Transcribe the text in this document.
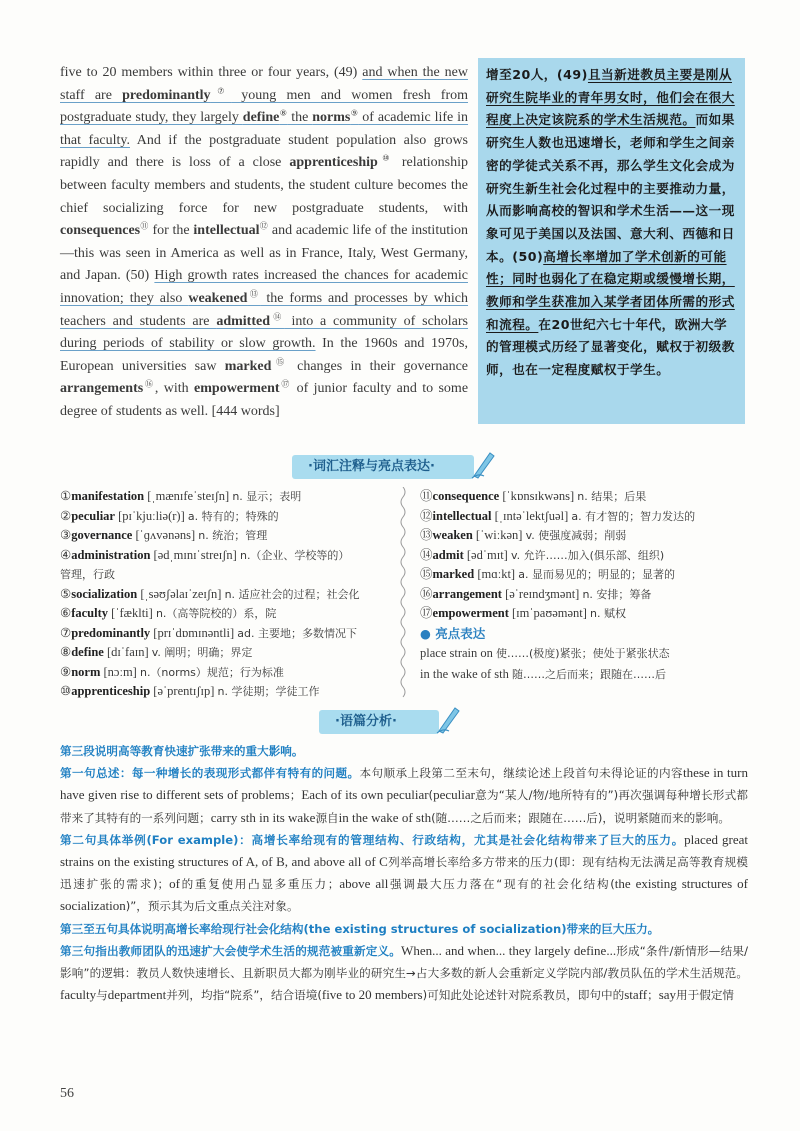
five to 20 members within three or four years, (49) and when the new staff are predominantly⑦ young men and women fresh from postgraduate study, they largely define⑧ the norms⑨ of academic life in that faculty. And if the postgraduate student population also grows rapidly and there is loss of a close apprenticeship⑩ relationship between faculty members and students, the student culture becomes the chief socializing force for new postgraduate students, with consequences⑪ for the intellectual⑫ and academic life of the institution—this was seen in America as well as in France, Italy, West Germany, and Japan. (50) High growth rates increased the chances for academic innovation; they also weakened⑬ the forms and processes by which teachers and students are admitted⑭ into a community of scholars during periods of stability or slow growth. In the 1960s and 1970s, European universities saw marked⑮ changes in their governance arrangements⑯, with empowerment⑰ of junior faculty and to some degree of students as well. [444 words]

增至20人，(49)且当新进教员主要是刚从研究生院毕业的青年男女时，他们会在很大程度上决定该院系的学术生活规范。而如果研究生人数也迅速增长，老师和学生之间亲密的学徒式关系不再，那么学生文化会成为研究生新生社会化过程中的主要推动力量，从而影响高校的智识和学术生活——这一现象可见于美国以及法国、意大利、西德和日本。(50)高增长率增加了学术创新的可能性；同时也弱化了在稳定期或缓慢增长期，教师和学生获准加入某学者团体所需的形式和流程。在20世纪六七十年代，欧洲大学的管理模式历经了显著变化，赋权于初级教师，也在一定程度赋权于学生。
·词汇注释与亮点表达·
①manifestation [ˌmænɪfeˈsteɪʃn] n. 显示；表明
②peculiar [pɪˈkjuːliə(r)] a. 特有的；特殊的
③governance [ˈɡʌvənəns] n. 统治；管理
④administration [ədˌmɪnɪˈstreɪʃn] n.（企业、学校等的）
管理，行政
⑤socialization [ˌsəʊʃəlaɪˈzeɪʃn] n. 适应社会的过程；社会化
⑥faculty [ˈfæklti] n.（高等院校的）系，院
⑦predominantly [prɪˈdɒmɪnəntli] ad. 主要地；多数情况下
⑧define [dɪˈfaɪn] v. 阐明；明确；界定
⑨norm [nɔːm] n.（norms）规范；行为标准
⑩apprenticeship [əˈprentɪʃɪp] n. 学徒期；学徒工作
⑪consequence [ˈkɒnsɪkwəns] n. 结果；后果
⑫intellectual [ˌɪntəˈlektʃuəl] a. 有才智的；智力发达的
⑬weaken [ˈwiːkən] v. 使强度减弱；削弱
⑭admit [ədˈmɪt] v. 允许……加入(俱乐部、组织)
⑮marked [mɑːkt] a. 显而易见的；明显的；显著的
⑯arrangement [əˈreɪndʒmənt] n. 安排；筹备
⑰empowerment [ɪmˈpaʊəmənt] n. 赋权
● 亮点表达
place strain on 使……(极度)紧张；使处于紧张状态
in the wake of sth 随……之后而来；跟随在……后
·语篇分析·

第三段说明高等教育快速扩张带来的重大影响。

第一句总述：每一种增长的表现形式都伴有特有的问题。本句顺承上段第二至末句，继续论述上段首句未得论证的内容these in turn have given rise to different sets of problems；Each of its own peculiar(peculiar意为“某人/物/地所特有的”)再次强调每种增长形式都带来了其特有的一系列问题；carry sth in its wake源自in the wake of sth(随……之后而来；跟随在……后)，说明紧随而来的影响。

第二句具体举例(For example)：高增长率给现有的管理结构、行政结构，尤其是社会化结构带来了巨大的压力。placed great strains on the existing structures of A, of B, and above all of C列举高增长率给多方带来的压力(即：现有结构无法满足高等教育规模迅速扩张的需求)；of的重复使用凸显多重压力；above all强调最大压力落在“现有的社会化结构(the existing structures of socialization)”，预示其为后文重点关注对象。

第三至五句具体说明高增长率给现行社会化结构(the existing structures of socialization)带来的巨大压力。

第三句指出教师团队的迅速扩大会使学术生活的规范被重新定义。When... and when... they largely define...形成“条件/新情形—结果/影响”的逻辑：教员人数快速增长、且新职员大都为刚毕业的研究生→占大多数的新人会重新定义学院内部/教员队伍的学术生活规范。faculty与department并列，均指“院系”，结合语境(five to 20 members)可知此处论述针对院系教员，即句中的staff；say用于假定情

56
